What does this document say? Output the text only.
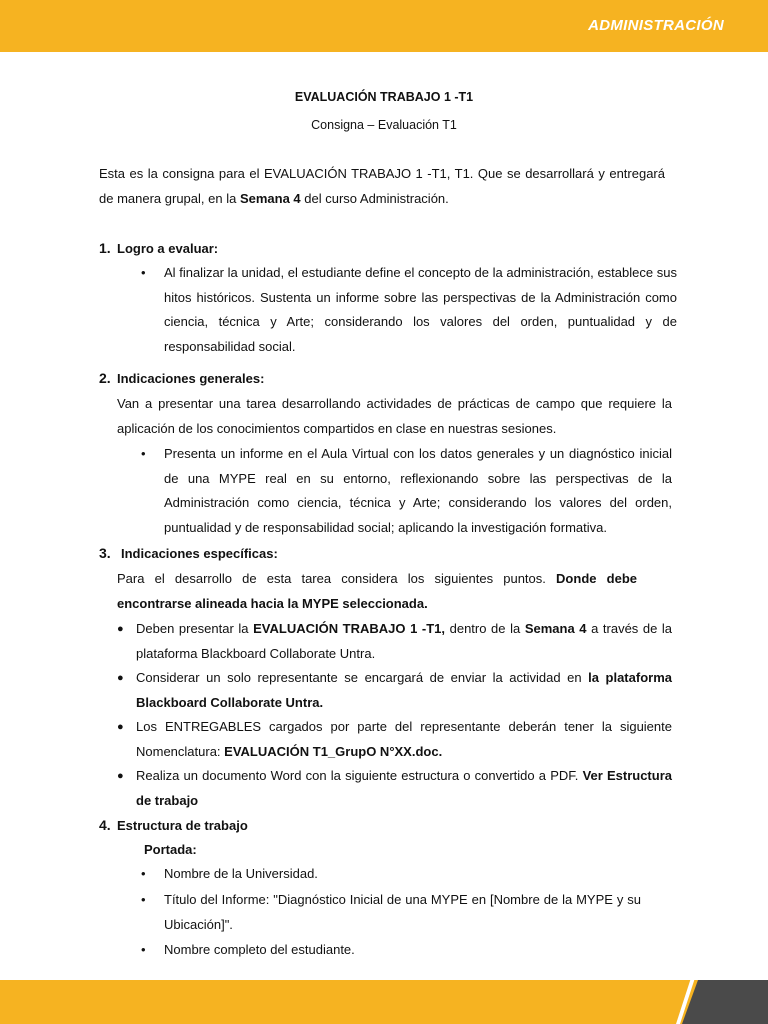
ADMINISTRACIÓN
EVALUACIÓN TRABAJO 1 -T1
Consigna – Evaluación T1
Esta es la consigna para el EVALUACIÓN TRABAJO 1 -T1, T1. Que se desarrollará y entregará de manera grupal, en la Semana 4 del curso Administración.
1. Logro a evaluar:
• Al finalizar la unidad, el estudiante define el concepto de la administración, establece sus hitos históricos. Sustenta un informe sobre las perspectivas de la Administración como ciencia, técnica y Arte; considerando los valores del orden, puntualidad y de responsabilidad social.
2. Indicaciones generales:
Van a presentar una tarea desarrollando actividades de prácticas de campo que requiere la aplicación de los conocimientos compartidos en clase en nuestras sesiones.
• Presenta un informe en el Aula Virtual con los datos generales y un diagnóstico inicial de una MYPE real en su entorno, reflexionando sobre las perspectivas de la Administración como ciencia, técnica y Arte; considerando los valores del orden, puntualidad y de responsabilidad social; aplicando la investigación formativa.
3. Indicaciones específicas:
Para el desarrollo de esta tarea considera los siguientes puntos. Donde debe encontrarse alineada hacia la MYPE seleccionada.
● Deben presentar la EVALUACIÓN TRABAJO 1 -T1, dentro de la Semana 4 a través de la plataforma Blackboard Collaborate Untra.
● Considerar un solo representante se encargará de enviar la actividad en la plataforma Blackboard Collaborate Untra.
● Los ENTREGABLES cargados por parte del representante deberán tener la siguiente Nomenclatura: EVALUACIÓN T1_GrupO N°XX.doc.
● Realiza un documento Word con la siguiente estructura o convertido a PDF. Ver Estructura de trabajo
4. Estructura de trabajo
Portada:
• Nombre de la Universidad.
• Título del Informe: "Diagnóstico Inicial de una MYPE en [Nombre de la MYPE y su Ubicación]".
• Nombre completo del estudiante.
